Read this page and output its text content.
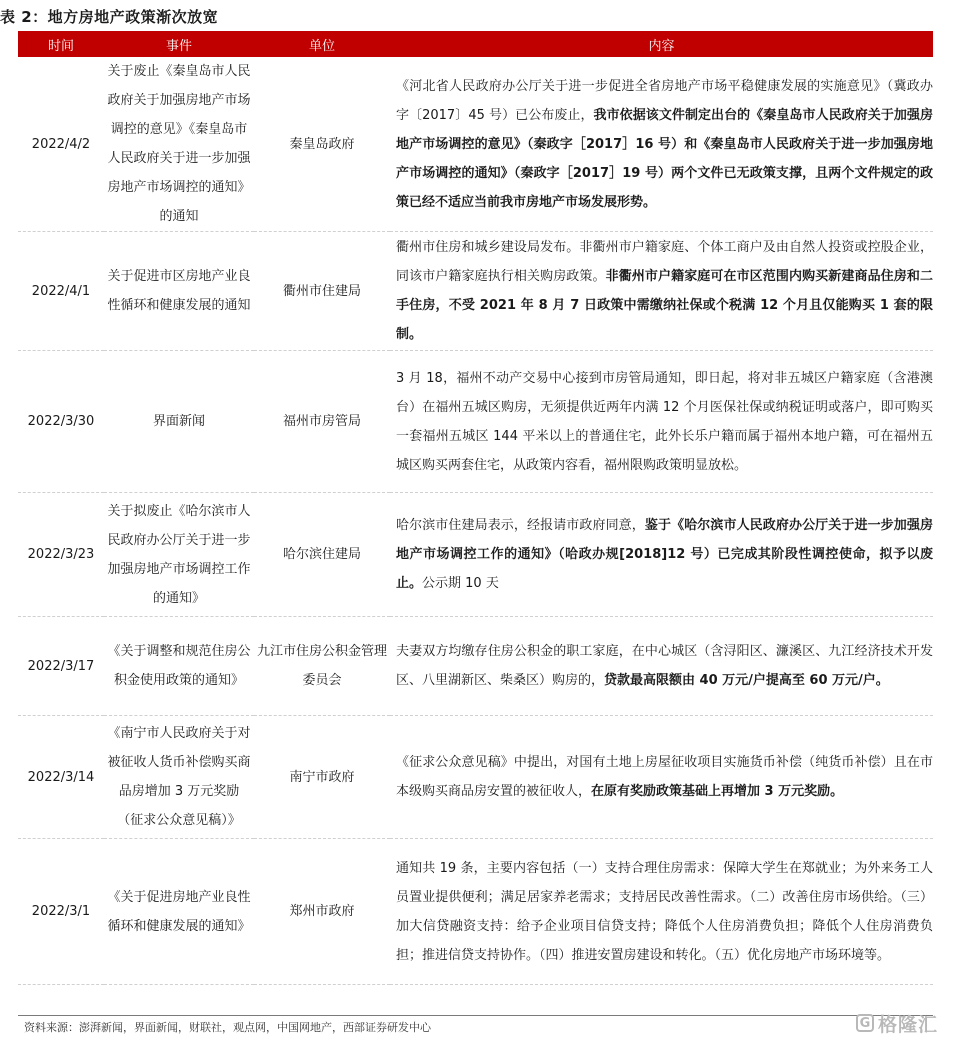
表 2：地方房地产政策渐次放宽
时间	事件	单位	内容
2022/4/2	关于废止《秦皇岛市人民政府关于加强房地产市场调控的意见》《秦皇岛市人民政府关于进一步加强房地产市场调控的通知》的通知	秦皇岛政府	《河北省人民政府办公厅关于进一步促进全省房地产市场平稳健康发展的实施意见》（冀政办字〔2017〕45 号）已公布废止，我市依据该文件制定出台的《秦皇岛市人民政府关于加强房地产市场调控的意见》（秦政字［2017］16 号）和《秦皇岛市人民政府关于进一步加强房地产市场调控的通知》（秦政字［2017］19 号）两个文件已无政策支撑，且两个文件规定的政策已经不适应当前我市房地产市场发展形势。
2022/4/1	关于促进市区房地产业良性循环和健康发展的通知	衢州市住建局	衢州市住房和城乡建设局发布。非衢州市户籍家庭、个体工商户及由自然人投资或控股企业，同该市户籍家庭执行相关购房政策。非衢州市户籍家庭可在市区范围内购买新建商品住房和二手住房，不受 2021 年 8 月 7 日政策中需缴纳社保或个税满 12 个月且仅能购买 1 套的限制。
2022/3/30	界面新闻	福州市房管局	3 月 18，福州不动产交易中心接到市房管局通知，即日起，将对非五城区户籍家庭（含港澳台）在福州五城区购房，无须提供近两年内满 12 个月医保社保或纳税证明或落户，即可购买一套福州五城区 144 平米以上的普通住宅，此外长乐户籍而属于福州本地户籍，可在福州五城区购买两套住宅，从政策内容看，福州限购政策明显放松。
2022/3/23	关于拟废止《哈尔滨市人民政府办公厅关于进一步加强房地产市场调控工作的通知》	哈尔滨住建局	哈尔滨市住建局表示，经报请市政府同意，鉴于《哈尔滨市人民政府办公厅关于进一步加强房地产市场调控工作的通知》（哈政办规[2018]12 号）已完成其阶段性调控使命，拟予以废止。公示期 10 天
2022/3/17	《关于调整和规范住房公积金使用政策的通知》	九江市住房公积金管理委员会	夫妻双方均缴存住房公积金的职工家庭，在中心城区（含浔阳区、濂溪区、九江经济技术开发区、八里湖新区、柴桑区）购房的，贷款最高限额由 40 万元/户提高至 60 万元/户。
2022/3/14	《南宁市人民政府关于对被征收人货币补偿购买商品房增加 3 万元奖励（征求公众意见稿）》	南宁市政府	《征求公众意见稿》中提出，对国有土地上房屋征收项目实施货币补偿（纯货币补偿）且在市本级购买商品房安置的被征收人，在原有奖励政策基础上再增加 3 万元奖励。
2022/3/1	《关于促进房地产业良性循环和健康发展的通知》	郑州市政府	通知共 19 条，主要内容包括（一）支持合理住房需求：保障大学生在郑就业；为外来务工人员置业提供便利；满足居家养老需求；支持居民改善性需求。（二）改善住房市场供给。（三）加大信贷融资支持：给予企业项目信贷支持；降低个人住房消费负担；降低个人住房消费负担；推进信贷支持协作。（四）推进安置房建设和转化。（五）优化房地产市场环境等。
资料来源：澎湃新闻，界面新闻，财联社，观点网，中国网地产，西部证券研发中心	G 格隆汇
